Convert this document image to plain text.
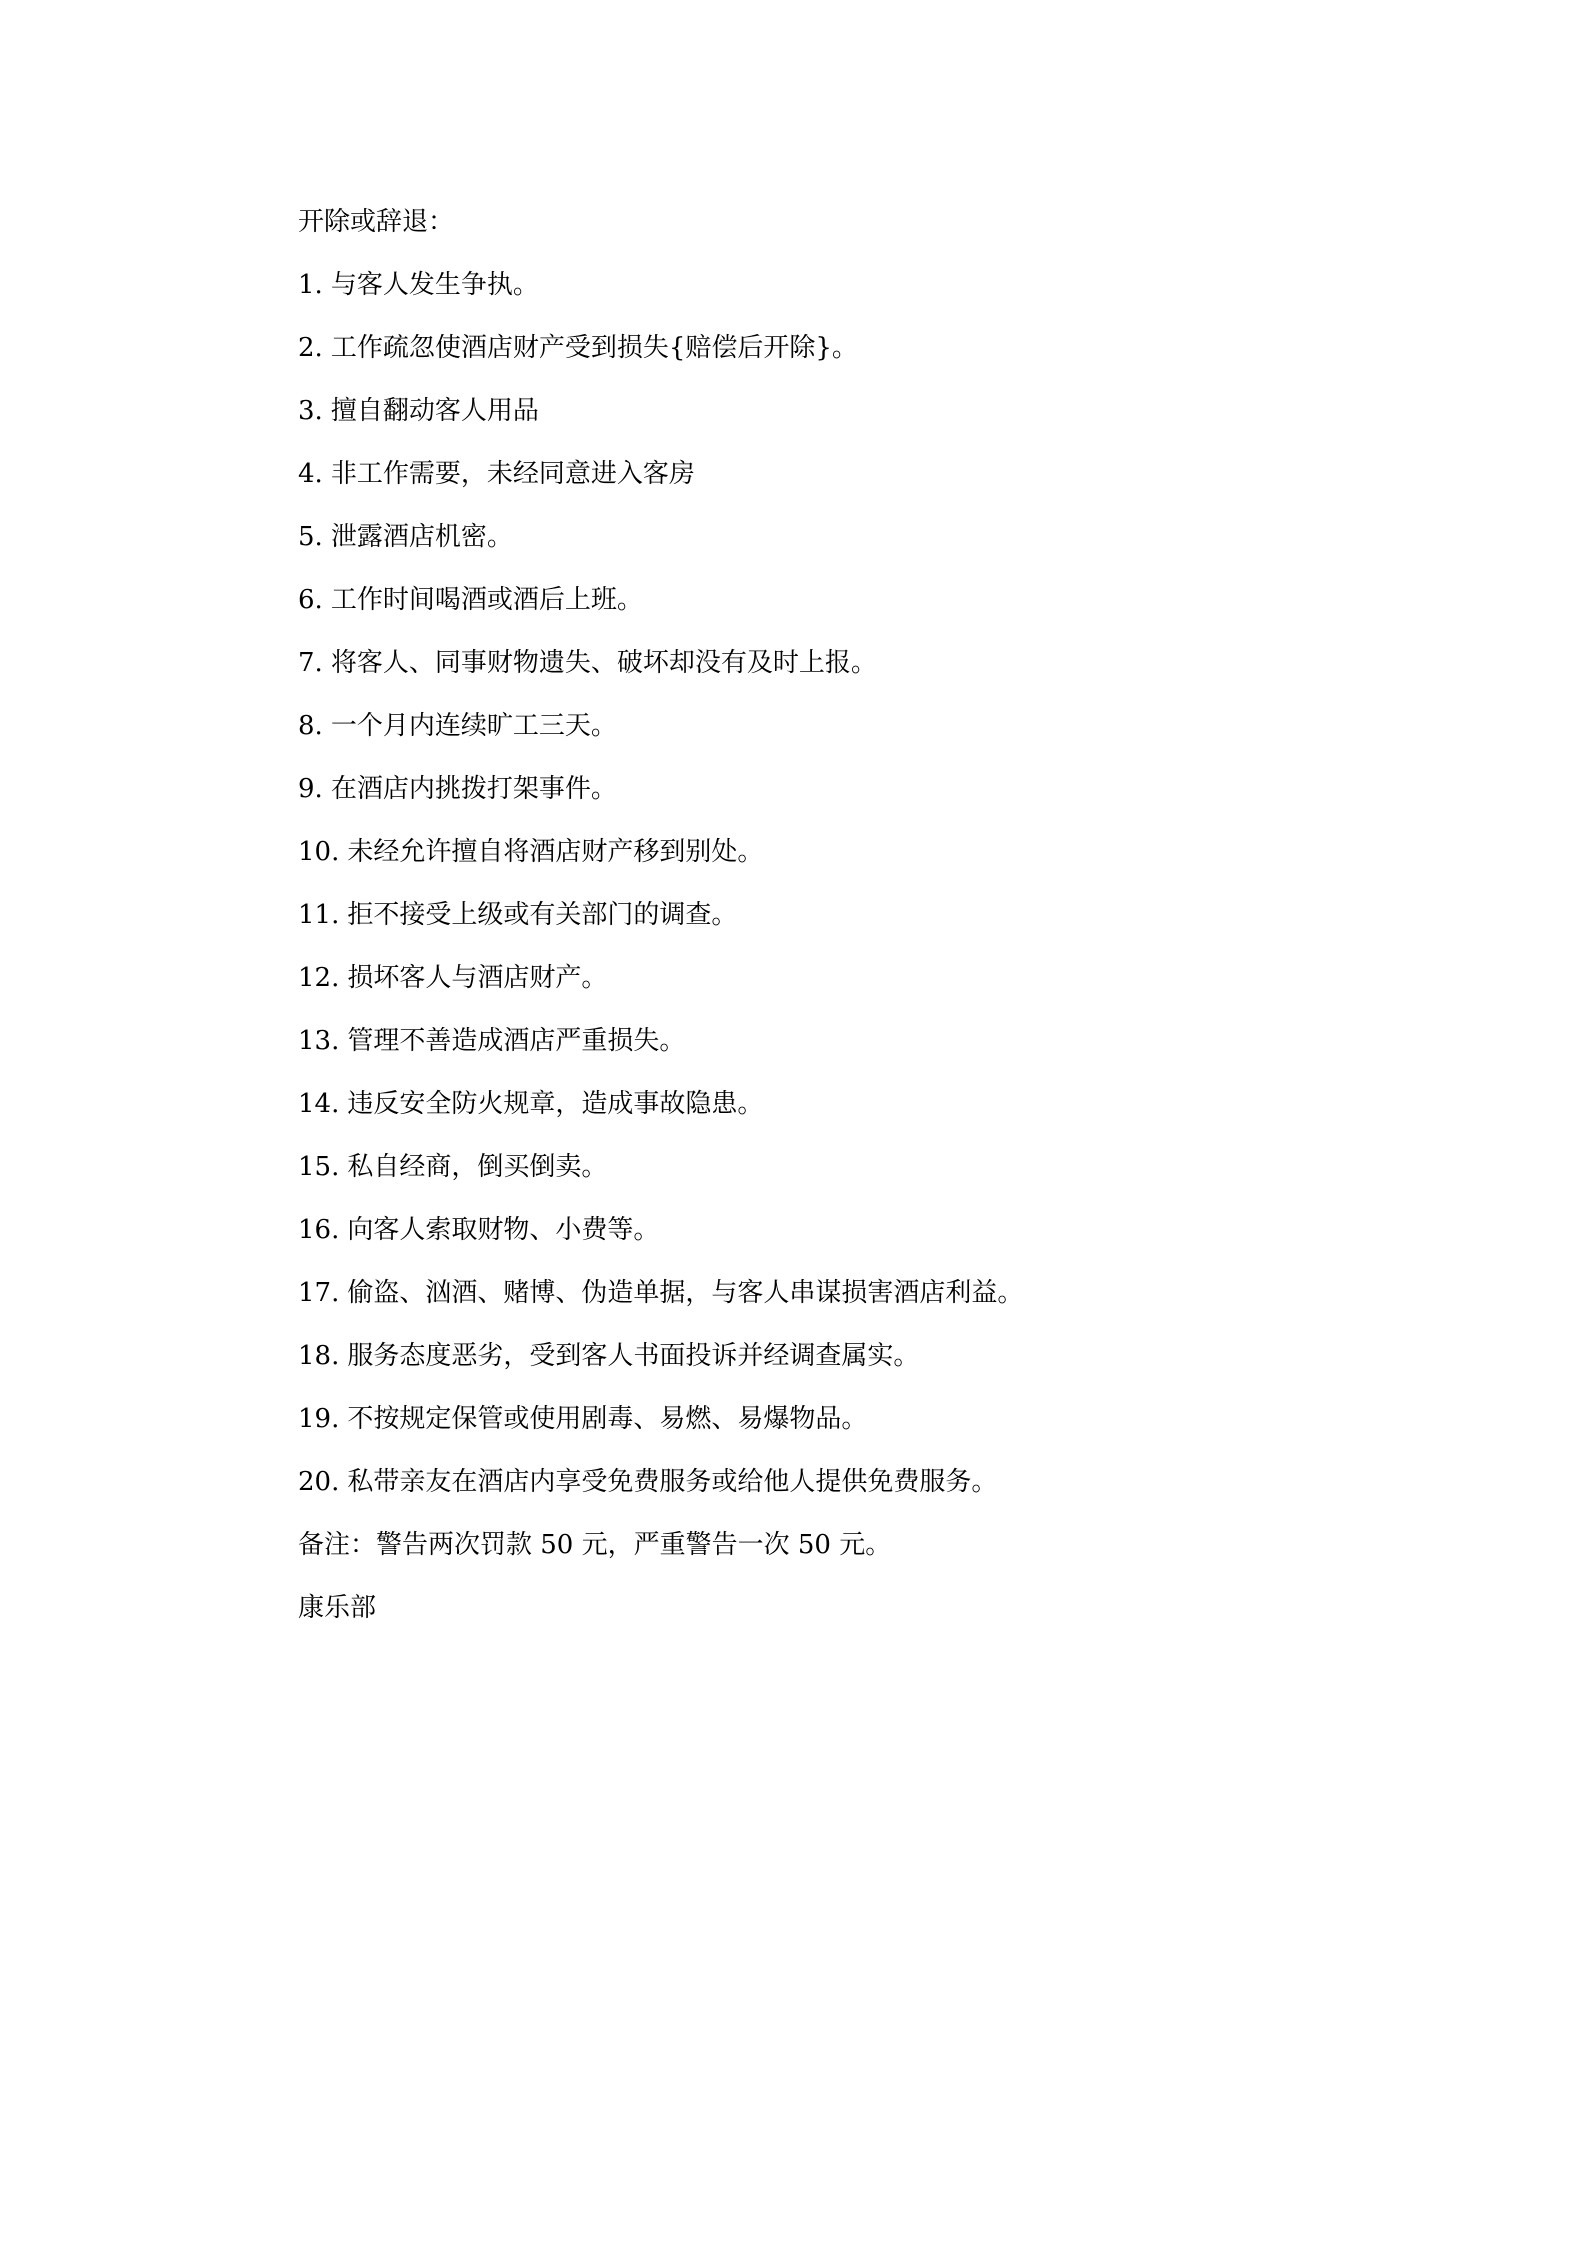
开除或辞退：
1. 与客人发生争执。
2. 工作疏忽使酒店财产受到损失{赔偿后开除}。
3. 擅自翻动客人用品
4. 非工作需要，未经同意进入客房
5. 泄露酒店机密。
6. 工作时间喝酒或酒后上班。
7. 将客人、同事财物遗失、破坏却没有及时上报。
8. 一个月内连续旷工三天。
9. 在酒店内挑拨打架事件。
10. 未经允许擅自将酒店财产移到别处。
11. 拒不接受上级或有关部门的调查。
12. 损坏客人与酒店财产。
13. 管理不善造成酒店严重损失。
14. 违反安全防火规章，造成事故隐患。
15. 私自经商，倒买倒卖。
16. 向客人索取财物、小费等。
17. 偷盗、汹酒、赌博、伪造单据，与客人串谋损害酒店利益。
18. 服务态度恶劣，受到客人书面投诉并经调查属实。
19. 不按规定保管或使用剧毒、易燃、易爆物品。
20. 私带亲友在酒店内享受免费服务或给他人提供免费服务。
备注：警告两次罚款 50 元，严重警告一次 50 元。
康乐部
